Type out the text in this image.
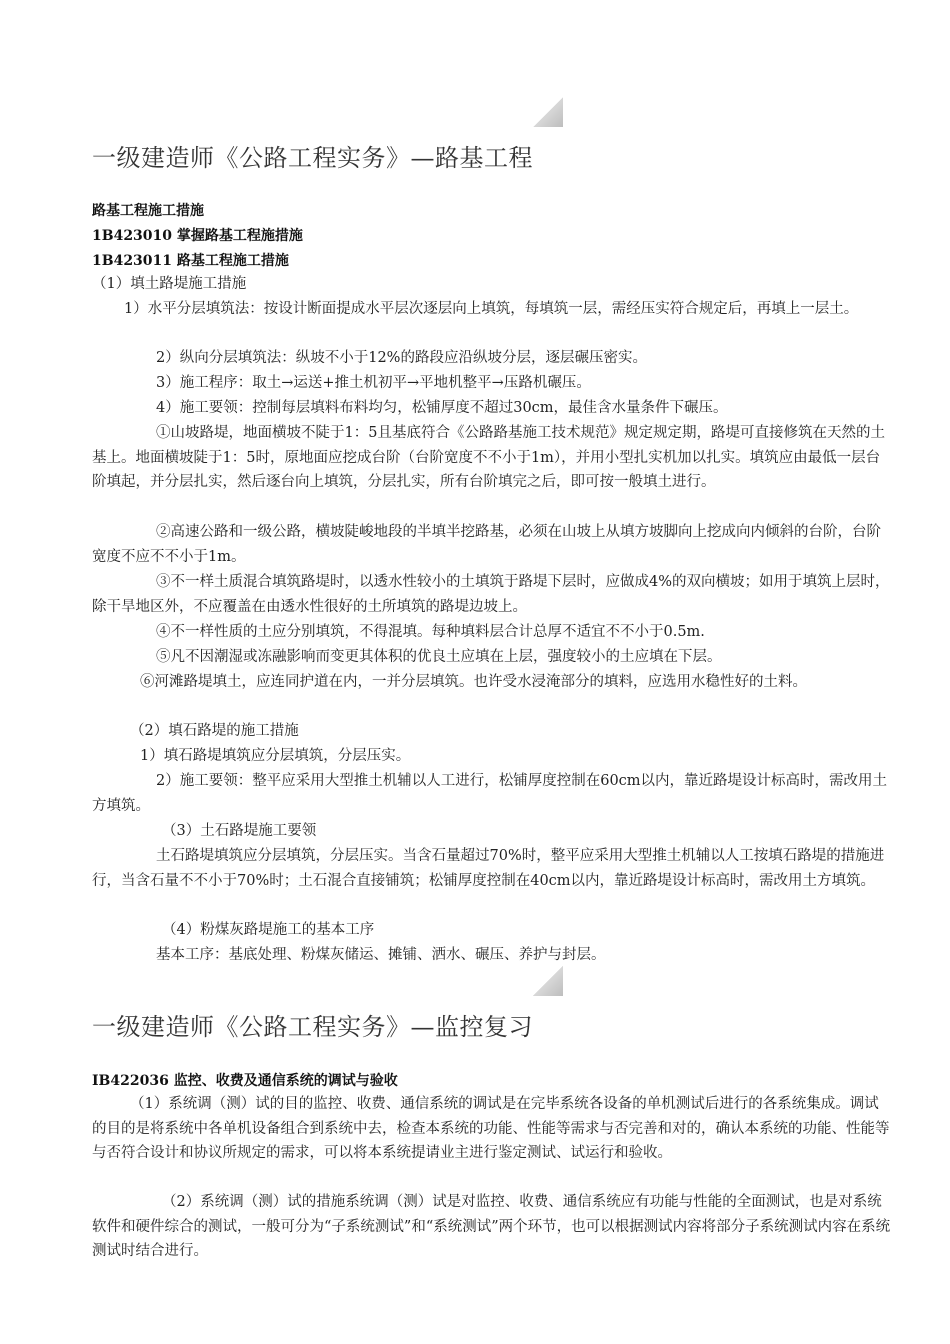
一级建造师《公路工程实务》—路基工程
路基工程施工措施
1B423010 掌握路基工程施措施
1B423011 路基工程施工措施
（1）填土路堤施工措施
1）水平分层填筑法：按设计断面提成水平层次逐层向上填筑，每填筑一层，需经压实符合规定后，再填上一层土。
2）纵向分层填筑法：纵坡不小于12%的路段应沿纵坡分层，逐层碾压密实。
3）施工程序：取土→运送+推土机初平→平地机整平→压路机碾压。
4）施工要领：控制每层填料布料均匀，松铺厚度不超过30cm，最佳含水量条件下碾压。
①山坡路堤，地面横坡不陡于1：5且基底符合《公路路基施工技术规范》规定规定期，路堤可直接修筑在天然的土基上。地面横坡陡于1：5时，原地面应挖成台阶（台阶宽度不不小于1m），并用小型扎实机加以扎实。填筑应由最低一层台阶填起，并分层扎实，然后逐台向上填筑，分层扎实，所有台阶填完之后，即可按一般填土进行。
②高速公路和一级公路，横坡陡峻地段的半填半挖路基，必须在山坡上从填方坡脚向上挖成向内倾斜的台阶，台阶宽度不应不不小于1m。
③不一样土质混合填筑路堤时，以透水性较小的土填筑于路堤下层时，应做成4%的双向横坡；如用于填筑上层时，除干旱地区外，不应覆盖在由透水性很好的土所填筑的路堤边坡上。
④不一样性质的土应分别填筑，不得混填。每种填料层合计总厚不适宜不不小于0.5m.
⑤凡不因潮湿或冻融影响而变更其体积的优良土应填在上层，强度较小的土应填在下层。
⑥河滩路堤填土，应连同护道在内，一并分层填筑。也许受水浸淹部分的填料，应选用水稳性好的土料。
（2）填石路堤的施工措施
1）填石路堤填筑应分层填筑，分层压实。
2）施工要领：整平应采用大型推土机辅以人工进行，松铺厚度控制在60cm以内，靠近路堤设计标高时，需改用土方填筑。
（3）土石路堤施工要领
土石路堤填筑应分层填筑，分层压实。当含石量超过70%时，整平应采用大型推土机辅以人工按填石路堤的措施进行，当含石量不不小于70%时；土石混合直接铺筑；松铺厚度控制在40cm以内，靠近路堤设计标高时，需改用土方填筑。
（4）粉煤灰路堤施工的基本工序
基本工序：基底处理、粉煤灰储运、摊铺、洒水、碾压、养护与封层。
一级建造师《公路工程实务》—监控复习
IB422036 监控、收费及通信系统的调试与验收
（1）系统调（测）试的目的监控、收费、通信系统的调试是在完毕系统各设备的单机测试后进行的各系统集成。调试的目的是将系统中各单机设备组合到系统中去，检查本系统的功能、性能等需求与否完善和对的，确认本系统的功能、性能等与否符合设计和协议所规定的需求，可以将本系统提请业主进行鉴定测试、试运行和验收。
（2）系统调（测）试的措施系统调（测）试是对监控、收费、通信系统应有功能与性能的全面测试，也是对系统软件和硬件综合的测试，一般可分为“子系统测试”和“系统测试”两个环节，也可以根据测试内容将部分子系统测试内容在系统测试时结合进行。
